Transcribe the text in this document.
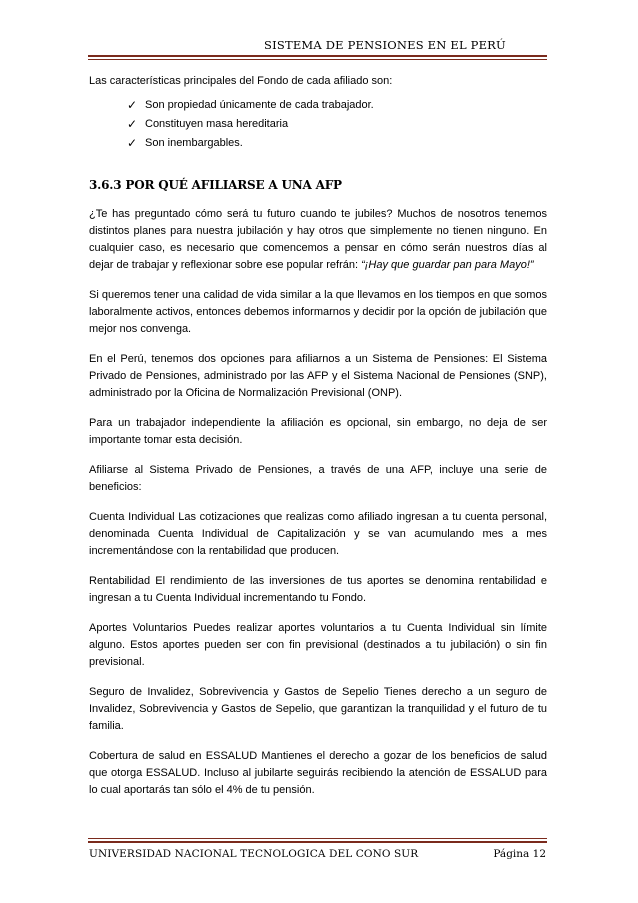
SISTEMA DE PENSIONES EN EL PERÚ

Las características principales del Fondo de cada afiliado son:

✓ Son propiedad únicamente de cada trabajador.
✓ Constituyen masa hereditaria
✓ Son inembargables.
3.6.3 POR QUÉ AFILIARSE A UNA AFP

¿Te has preguntado cómo será tu futuro cuando te jubiles? Muchos de nosotros tenemos distintos planes para nuestra jubilación y hay otros que simplemente no tienen ninguno. En cualquier caso, es necesario que comencemos a pensar en cómo serán nuestros días al dejar de trabajar y reflexionar sobre ese popular refrán: “¡Hay que guardar pan para Mayo!”

Si queremos tener una calidad de vida similar a la que llevamos en los tiempos en que somos laboralmente activos, entonces debemos informarnos y decidir por la opción de jubilación que mejor nos convenga.

En el Perú, tenemos dos opciones para afiliarnos a un Sistema de Pensiones: El Sistema Privado de Pensiones, administrado por las AFP y el Sistema Nacional de Pensiones (SNP), administrado por la Oficina de Normalización Previsional (ONP).

Para un trabajador independiente la afiliación es opcional, sin embargo, no deja de ser importante tomar esta decisión.

Afiliarse al Sistema Privado de Pensiones, a través de una AFP, incluye una serie de beneficios:

Cuenta Individual Las cotizaciones que realizas como afiliado ingresan a tu cuenta personal, denominada Cuenta Individual de Capitalización y se van acumulando mes a mes incrementándose con la rentabilidad que producen.

Rentabilidad El rendimiento de las inversiones de tus aportes se denomina rentabilidad e ingresan a tu Cuenta Individual incrementando tu Fondo.

Aportes Voluntarios Puedes realizar aportes voluntarios a tu Cuenta Individual sin límite alguno. Estos aportes pueden ser con fin previsional (destinados a tu jubilación) o sin fin previsional.

Seguro de Invalidez, Sobrevivencia y Gastos de Sepelio Tienes derecho a un seguro de Invalidez, Sobrevivencia y Gastos de Sepelio, que garantizan la tranquilidad y el futuro de tu familia.

Cobertura de salud en ESSALUD Mantienes el derecho a gozar de los beneficios de salud que otorga ESSALUD. Incluso al jubilarte seguirás recibiendo la atención de ESSALUD para lo cual aportarás tan sólo el 4% de tu pensión.

UNIVERSIDAD NACIONAL TECNOLOGICA DEL CONO SUR	Página 12
